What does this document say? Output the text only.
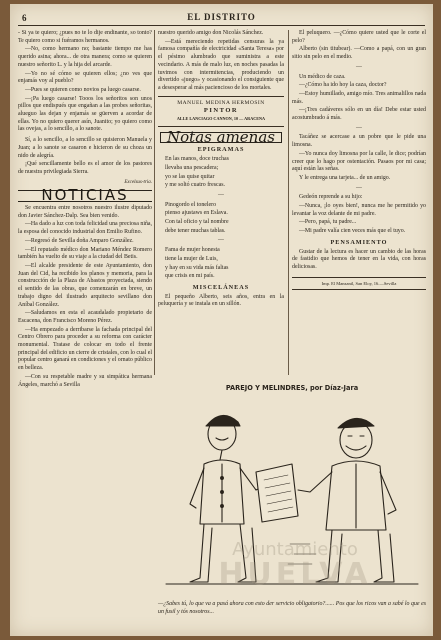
6	EL DISTRITO

- Si ya te quiero; ¿pues no te lo dije endinante, so tonto? Te quiero como si fuéramos hermanos.

—No, como hermano no; bastante tiempo me has querido asina; ahora... de otra manera; como se quieren nuestro señorito L. y la hija del arcarde.

—Yo no sé cómo se quieren ellos; ¿no ves que enjamás voy al pueblo?

—Pues se quieren como novios pa luego casarse.

—¡Pa luego casarse! Tooos los señoritos son unos pillos que endispués que engañan a las probes señoritas, alueguo las dejan y enjamás se güerven a acordar de ellas. Yo no quiero querer asín, Juanito; yo quiero como las ovejas, a lo sencillo, a lo sanote.

Sí, a lo sencillo, a lo sencillo se quisieron Manuela y Juan; a lo sanote se casaron e hicieron de su choza un nido de alegría.

¡Qué sencillamente bello es el amor de los pastores de nuestra privilegiada Sierra.

Excelsus-tria.
NOTICIAS

Se encuentra entre nosotros nuestro ilustre diputado don Javier Sánchez-Dalp. Sea bien venido.

—Ha dado a luz con toda felicidad una preciosa niña, la esposa del conocido industrial don Emilio Rufino.

—Regresó de Sevilla doña Amparo González.

—El reputado médico don Mariano Méndez Romero también ha vuelto de su viaje a la ciudad del Betis.

—El alcalde presidente de este Ayuntamiento, don Juan del Cid, ha recibido los planos y memoria, para la construcción de la Plaza de Abastos proyectada, siendo el sentido de las obras, que comenzarán en breve, un trabajo digno del ilustrado arquitecto sevillano don Aníbal González.

—Saludamos en esta el acaudalado propietario de Escacena, don Francisco Moreno Pérez.

—Ha empezado a derribarse la fachada principal del Centro Obrero para proceder a su reforma con carácter monumental. Tratase de colocar en todo el frente principal del edificio un cierre de cristales, con lo cual el popular centro ganará en condiciones y el ornato público en belleza.

—Con su respetable madre y su simpática hermana Ángeles, marchó a Sevilla

nuestro querido amigo don Nicolás Sánchez.

—Está mereciendo repetidas censuras la ya famosa compañía de electricidad «Santa Teresa» por el pésimo alumbrado que suministra a este vecindario. A más de malo luz, en noches pasadas la tuvimos con intermitencias, produciendo un divertido «juego» y ocasionando el consiguiente que a desesperar al más paciencioso de los mortales.

MANUEL MEDINA HERMOSIN
PINTOR
ALLE LANCIAGO CANNON, 10 — ARACENA
Notas amenas
EPIGRAMAS

En las manos, doce truchas

llevaba una pescadera;

yo se las quise quitar

y me soltó cuatro frescas.

—

Pinogordo el tonelero

pienso ajustaws en Eslava.

Con tal oficio y tal nombre

debe tener muchas tablas.

—

Fama de mujer honesta

tiene la mujer de Luis,

y hay en su vida más faltas

que crisis en mi país.

MISCELÁNEAS

El pequeño Alberto, seis años, entra en la peluquería y se instala en un sillón.

El peluquero. —¿Cómo quiere usted que le corte el pelo?

Alberto (sin titubear). —Como a papá, con un gran sitio sin pelo en el medio.

—

Un médico de caza.

—¿Cómo ha ido hoy la caza, doctor?

—Estoy humillado, amigo mío. Tres animalillos nada más.

—¡Tres cadáveres sólo en un día! Debe estar usted acostumbrado á más.

—

Tacáñez se acercase a un pobre que le pide una limosna.

—Yo nunca doy limosna por la calle, le dice; podrían creer que lo hago por ostentación. Pasaos por mi casa; aquí están las señas.

Y le entrega una tarjeta... de un amigo.

—

Gedeón reprende a su hijo:

—Nunca, ¡lo oyes bien!, nunca me he permitido yo levantar la voz delante de mi padre.

—Pero, papá, tu padre...

—Mi padre valía cien veces más que el tuyo.

PENSAMIENTO

Gustar de la lectura es hacer un cambio de las horas de fastidio que hemos de tener en la vida, con horas deliciosas.

Imp. El Manzanil, San Eloy, 16.—Sevilla
PAREJO Y MELINDRES, por Díaz-Jara
Ayuntamiento
HUELVA
—¿Sabes tú, lo que va a pasá ahora con esto der servicio obligatorio?...... Pos que los ricos van a sabé lo que es un fusil y tós nosotros...
